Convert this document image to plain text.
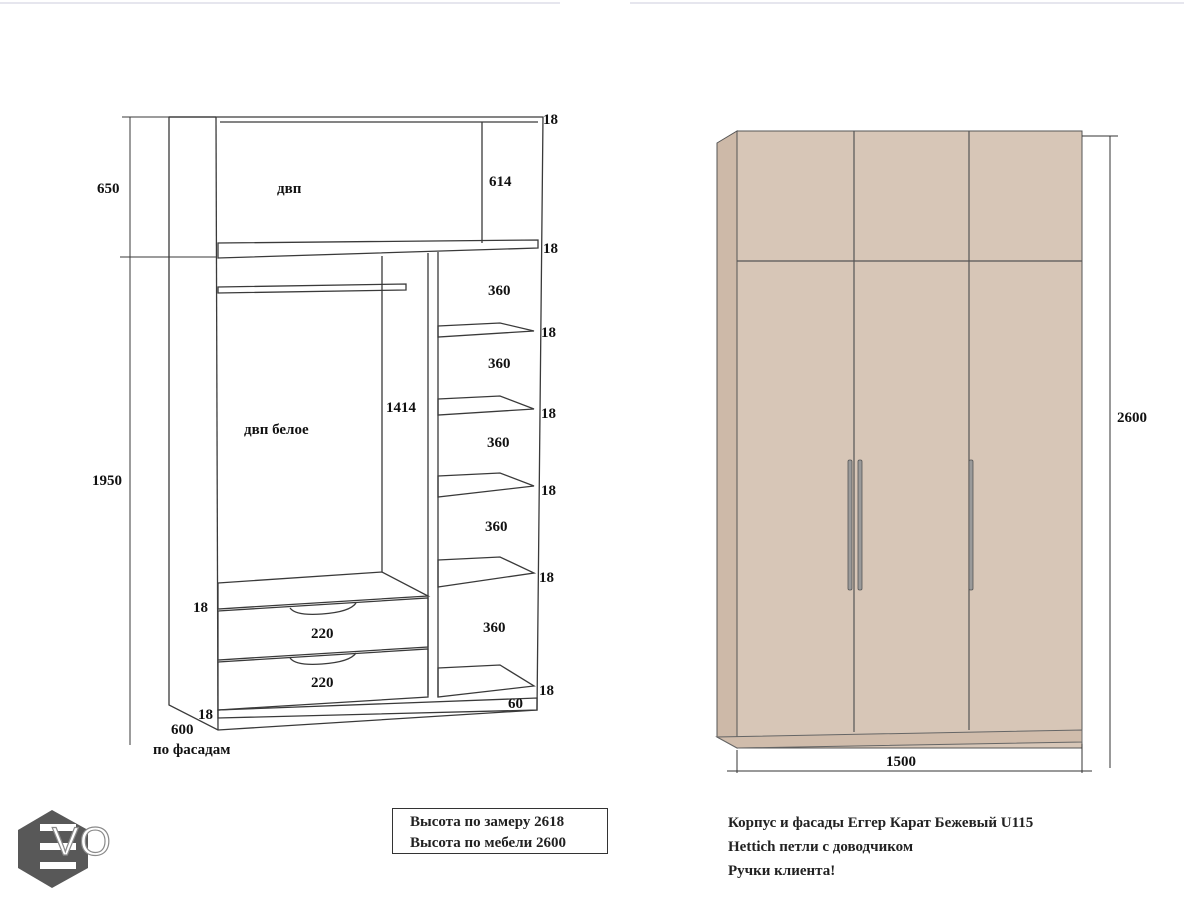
двп
двп белое
18
614
18
650
360
18
360
18
1414
360
18
1950
360
18
18
360
220
220	18
18
60
600
по фасадам
2600
1500
VO	Высота по замеру 2618
Высота по мебели 2600
Корпус и фасады Еггер Карат Бежевый U115
Hettich петли с доводчиком
Ручки клиента!
